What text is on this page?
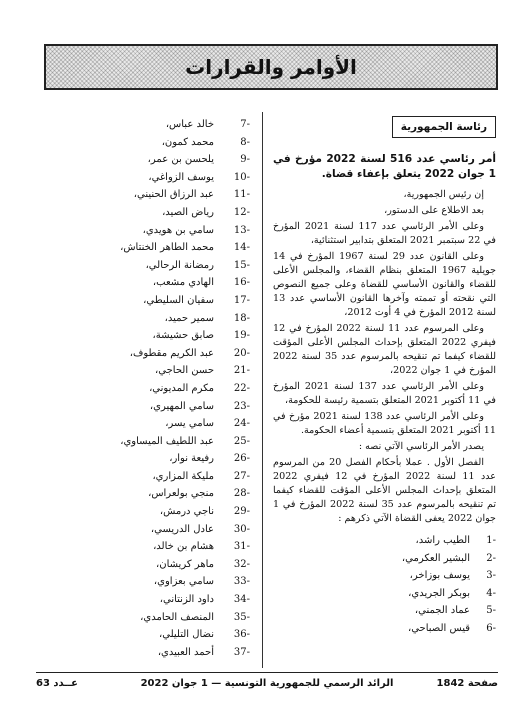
الأوامر والقرارات
رئاسة الجمهورية
أمر رئاسي عدد 516 لسنة 2022 مؤرخ في 1 جوان 2022 يتعلق بإعفاء قضاة.

إن رئيس الجمهورية،

بعد الاطلاع على الدستور،

وعلى الأمر الرئاسي عدد 117 لسنة 2021 المؤرخ في 22 سبتمبر 2021 المتعلق بتدابير استثنائية،

وعلى القانون عدد 29 لسنة 1967 المؤرخ في 14 جويلية 1967 المتعلق بنظام القضاء، والمجلس الأعلى للقضاء والقانون الأساسي للقضاة وعلى جميع النصوص التي نقحته أو تممته وآخرها القانون الأساسي عدد 13 لسنة 2012 المؤرخ في 4 أوت 2012،

وعلى المرسوم عدد 11 لسنة 2022 المؤرخ في 12 فيفري 2022 المتعلق بإحداث المجلس الأعلى المؤقت للقضاء كيفما تم تنقيحه بالمرسوم عدد 35 لسنة 2022 المؤرخ في 1 جوان 2022،

وعلى الأمر الرئاسي عدد 137 لسنة 2021 المؤرخ في 11 أكتوبر 2021 المتعلق بتسمية رئيسة للحكومة،

وعلى الأمر الرئاسي عدد 138 لسنة 2021 مؤرخ في 11 أكتوبر 2021 المتعلق بتسمية أعضاء الحكومة.

يصدر الأمر الرئاسي الآتي نصه :

الفصل الأول . عملا بأحكام الفصل 20 من المرسوم عدد 11 لسنة 2022 المؤرخ في 12 فيفري 2022 المتعلق بإحداث المجلس الأعلى المؤقت للقضاء كيفما تم تنقيحه بالمرسوم عدد 35 لسنة 2022 المؤرخ في 1 جوان 2022 يعفى القضاة الآتي ذكرهم :

-1
الطيب راشد،
-2
البشير العكرمي،
-3
يوسف بوزاخر،
-4
بوبكر الجريدي،
-5
عماد الجمني،
-6
قيس الصباحي،
-7
خالد عباس،
-8
محمد كمون،
-9
يلحسن بن عمر،
-10
يوسف الزواغي،
-11
عبد الرزاق الحنيني،
-12
رياض الصيد،
-13
سامي بن هويدي،
-14
محمد الطاهر الخنتاش،
-15
رمضانة الرحالي،
-16
الهادي مشعب،
-17
سفيان السليطي،
-18
سمير حميد،
-19
صابق حشيشة،
-20
عبد الكريم مقطوف،
-21
حسن الحاجي،
-22
مكرم المديوني،
-23
سامي المهيري،
-24
سامي يسر،
-25
عبد اللطيف الميساوي،
-26
رفيعة نوار،
-27
مليكة المزاري،
-28
منجي بولعراس،
-29
ناجي درمش،
-30
عادل الدريسي،
-31
هشام بن خالد،
-32
ماهر كريشان،
-33
سامي بعزاوي،
-34
داود الزنتاني،
-35
المنصف الحامدي،
-36
نضال التليلي،
-37
أحمد العبيدي،
صفحة 1842
الرائد الرسمي للجمهورية التونسية — 1 جوان 2022
عــدد 63
